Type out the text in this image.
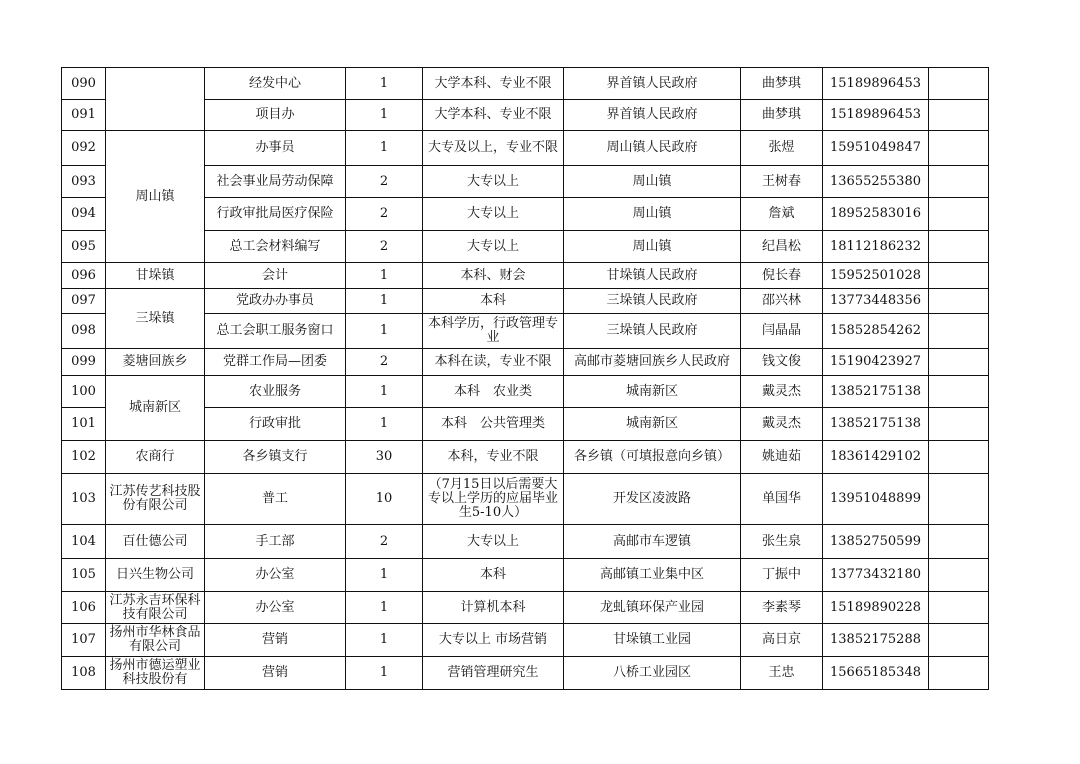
090		经发中心	1	大学本科、专业不限	界首镇人民政府	曲梦琪	15189896453	
091		项目办	1	大学本科、专业不限	界首镇人民政府	曲梦琪	15189896453	
092	周山镇	办事员	1	大专及以上，专业不限	周山镇人民政府	张煜	15951049847	
093		社会事业局劳动保障	2	大专以上	周山镇	王树春	13655255380	
094		行政审批局医疗保险	2	大专以上	周山镇	詹斌	18952583016	
095		总工会材料编写	2	大专以上	周山镇	纪昌松	18112186232	
096	甘垛镇	会计	1	本科、财会	甘垛镇人民政府	倪长春	15952501028	
097	三垛镇	党政办办事员	1	本科	三垛镇人民政府	邵兴林	13773448356	
098		总工会职工服务窗口	1	本科学历，行政管理专业	三垛镇人民政府	闫晶晶	15852854262	
099	菱塘回族乡	党群工作局—团委	2	本科在读，专业不限	高邮市菱塘回族乡人民政府	钱文俊	15190423927	
100	城南新区	农业服务	1	本科　农业类	城南新区	戴灵杰	13852175138	
101		行政审批	1	本科　公共管理类	城南新区	戴灵杰	13852175138	
102	农商行	各乡镇支行	30	本科，专业不限	各乡镇（可填报意向乡镇）	姚迪茹	18361429102	
103	江苏传艺科技股份有限公司	普工	10	（7月15日以后需要大专以上学历的应届毕业生5-10人）	开发区凌波路	单国华	13951048899	
104	百仕德公司	手工部	2	大专以上	高邮市车逻镇	张生泉	13852750599	
105	日兴生物公司	办公室	1	本科	高邮镇工业集中区	丁振中	13773432180	
106	江苏永吉环保科技有限公司	办公室	1	计算机本科	龙虬镇环保产业园	李素琴	15189890228	
107	扬州市华林食品有限公司	营销	1	大专以上 市场营销	甘垛镇工业园	高日京	13852175288	
108	扬州市德运塑业科技股份有	营销	1	营销管理研究生	八桥工业园区	王忠	15665185348	
